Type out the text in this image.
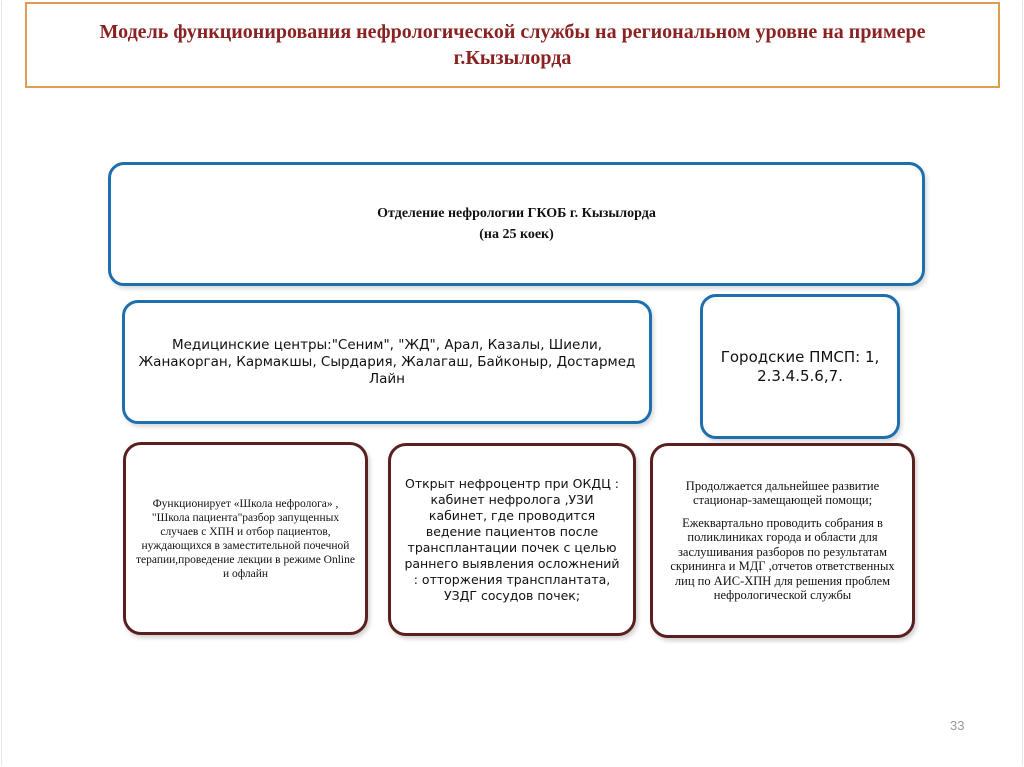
Модель функционирования нефрологической службы на региональном уровне на примере г.Кызылорда
Отделение нефрологии ГКОБ г. Кызылорда
(на 25 коек)
Медицинские центры:"Сеним", "ЖД", Арал, Казалы, Шиели, Жанакорган, Кармакшы, Сырдария, Жалагаш, Байконыр, Достармед Лайн
Городские ПМСП: 1, 2.3.4.5.6,7.
Функционирует «Школа нефролога» , "Школа пациента"разбор запущенных случаев с ХПН и отбор пациентов, нуждающихся в заместительной почечной терапии,проведение лекции в режиме Online и офлайн
Открыт нефроцентр при ОКДЦ : кабинет нефролога ,УЗИ кабинет, где проводится ведение пациентов после трансплантации почек с целью раннего выявления осложнений : отторжения трансплантата, УЗДГ сосудов почек;
Продолжается дальнейшее развитие стационар-замещающей помощи;
Ежеквартально проводить собрания в поликлиниках города и области для заслушивания разборов по результатам скрининга и МДГ ,отчетов ответственных лиц по АИС-ХПН для решения проблем нефрологической службы
33
